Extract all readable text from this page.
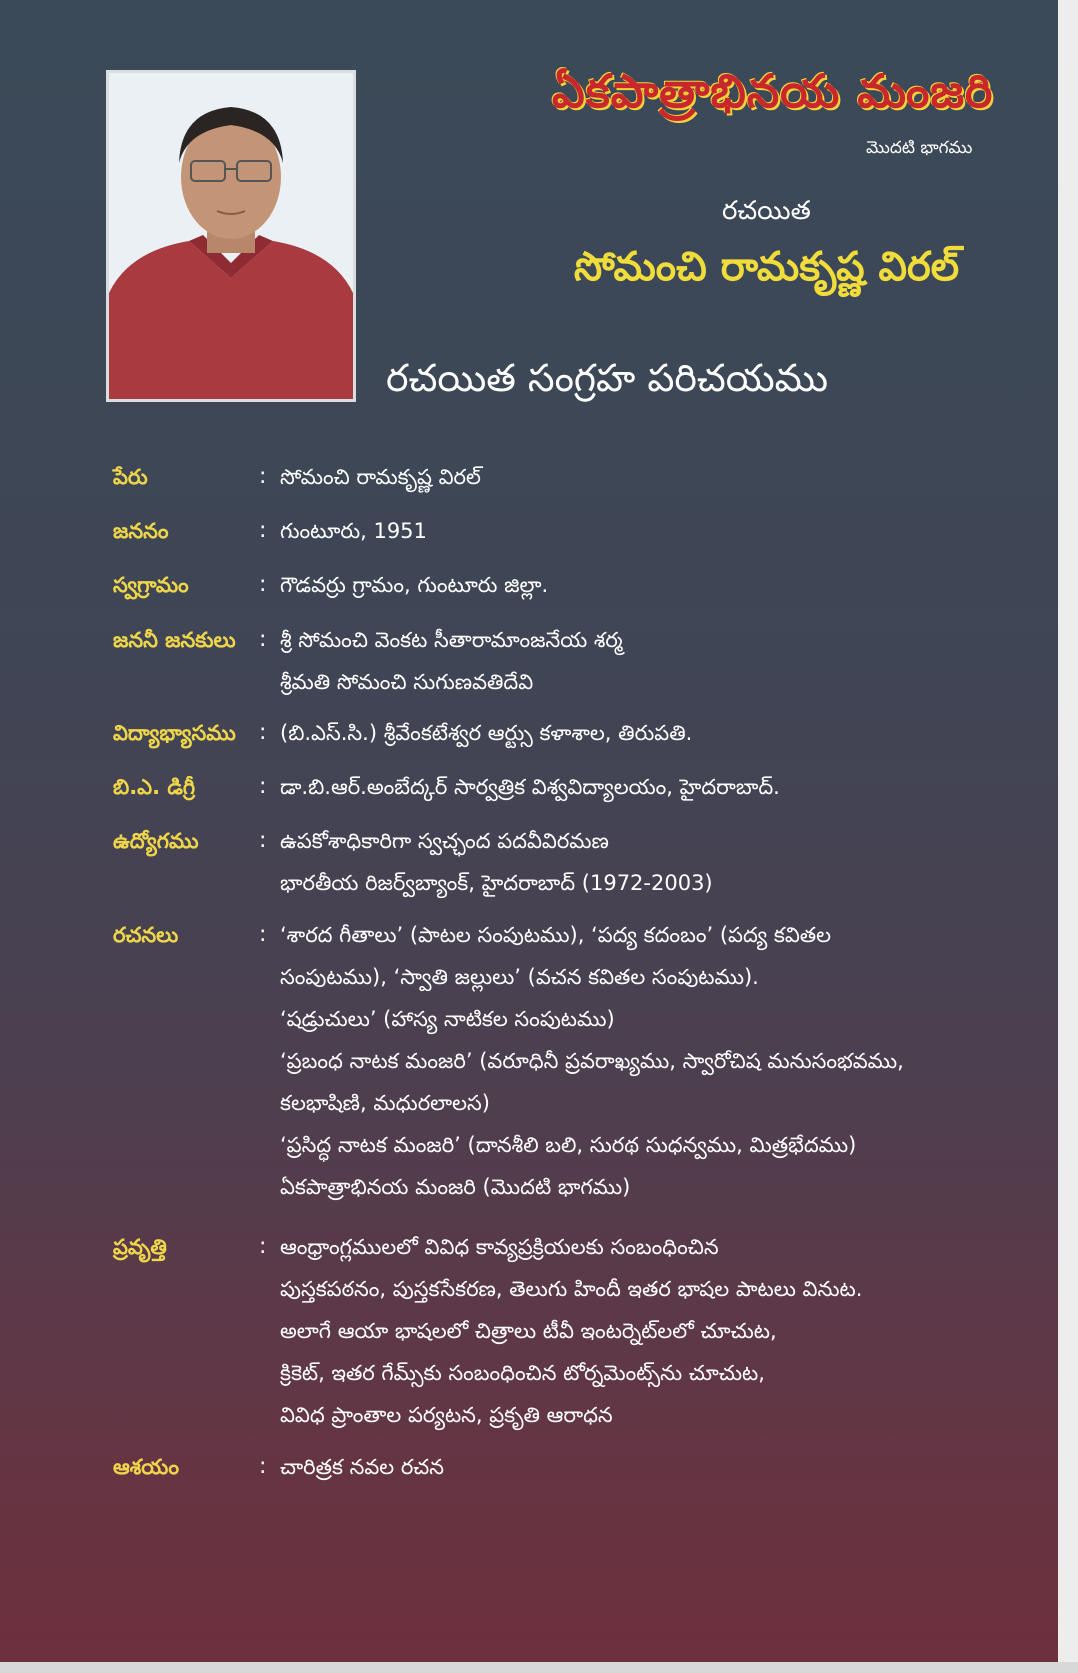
ఏకపాత్రాభినయ మంజరి
మొదటి భాగము
రచయిత
సోమంచి రామకృష్ణ విరల్
రచయిత సంగ్రహ పరిచయము
పేరు	: సోమంచి రామకృష్ణ విరల్
జననం	: గుంటూరు, 1951
స్వగ్రామం	: గౌడవర్రు గ్రామం, గుంటూరు జిల్లా.
జననీ జనకులు	: శ్రీ సోమంచి వెంకట సీతారామాంజనేయ శర్మ
శ్రీమతి సోమంచి సుగుణవతిదేవి
విద్యాభ్యాసము	: (బి.ఎస్.సి.) శ్రీవేంకటేశ్వర ఆర్ట్సు కళాశాల, తిరుపతి.
బి.ఎ. డిగ్రీ	: డా.బి.ఆర్.అంబేద్కర్ సార్వత్రిక విశ్వవిద్యాలయం, హైదరాబాద్.
ఉద్యోగము	: ఉపకోశాధికారిగా స్వచ్ఛంద పదవీవిరమణ
భారతీయ రిజర్వ్‌బ్యాంక్, హైదరాబాద్ (1972-2003)
రచనలు	: ‘శారద గీతాలు’ (పాటల సంపుటము), ‘పద్య కదంబం’ (పద్య కవితల
సంపుటము), ‘స్వాతి జల్లులు’ (వచన కవితల సంపుటము).
‘షడ్రుచులు’ (హాస్య నాటికల సంపుటము)
‘ప్రబంధ నాటక మంజరి’ (వరూధినీ ప్రవరాఖ్యము, స్వారోచిష మనుసంభవము,
కలభాషిణి, మధురలాలస)
‘ప్రసిద్ధ నాటక మంజరి’ (దానశీలి బలి, సురథ సుధన్వము, మిత్రభేదము)
ఏకపాత్రాభినయ మంజరి (మొదటి భాగము)
ప్రవృత్తి	: ఆంధ్రాంగ్లములలో వివిధ కావ్యప్రక్రియలకు సంబంధించిన
పుస్తకపఠనం, పుస్తకసేకరణ, తెలుగు హిందీ ఇతర భాషల పాటలు వినుట.
అలాగే ఆయా భాషలలో చిత్రాలు టీవీ ఇంటర్నెట్‌లలో చూచుట,
క్రికెట్, ఇతర గేమ్స్‌కు సంబంధించిన టోర్నమెంట్స్‌ను చూచుట,
వివిధ ప్రాంతాల పర్యటన, ప్రకృతి ఆరాధన
ఆశయం	: చారిత్రక నవల రచన
